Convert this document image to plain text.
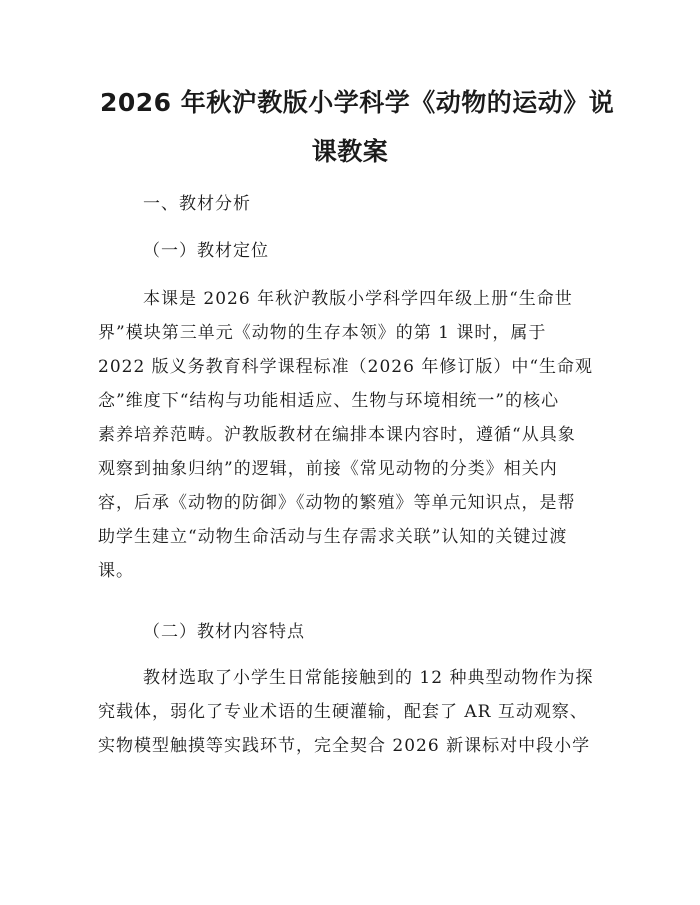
2026 年秋沪教版小学科学《动物的运动》说
课教案
一、教材分析
（一）教材定位
本课是 2026 年秋沪教版小学科学四年级上册“生命世
界”模块第三单元《动物的生存本领》的第 1 课时，属于
2022 版义务教育科学课程标准（2026 年修订版）中“生命观
念”维度下“结构与功能相适应、生物与环境相统一”的核心
素养培养范畴。沪教版教材在编排本课内容时，遵循“从具象
观察到抽象归纳”的逻辑，前接《常见动物的分类》相关内
容，后承《动物的防御》《动物的繁殖》等单元知识点，是帮
助学生建立“动物生命活动与生存需求关联”认知的关键过渡
课。
（二）教材内容特点
教材选取了小学生日常能接触到的 12 种典型动物作为探
究载体，弱化了专业术语的生硬灌输，配套了 AR 互动观察、
实物模型触摸等实践环节，完全契合 2026 新课标对中段小学
